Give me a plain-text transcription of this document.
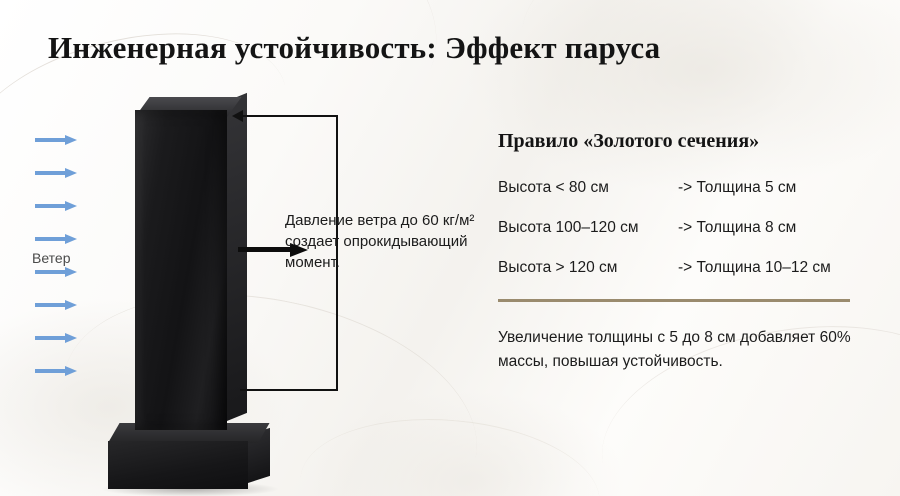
Инженерная устойчивость: Эффект паруса
Ветер
Давление ветра до 60 кг/м² создает опрокидывающий момент.
Правило «Золотого сечения»
Высота < 80 см	-> Толщина 5 см
Высота 100–120 см	-> Толщина 8 см
Высота > 120 см	-> Толщина 10–12 см
Увеличение толщины с 5 до 8 см добавляет 60% массы, повышая устойчивость.
